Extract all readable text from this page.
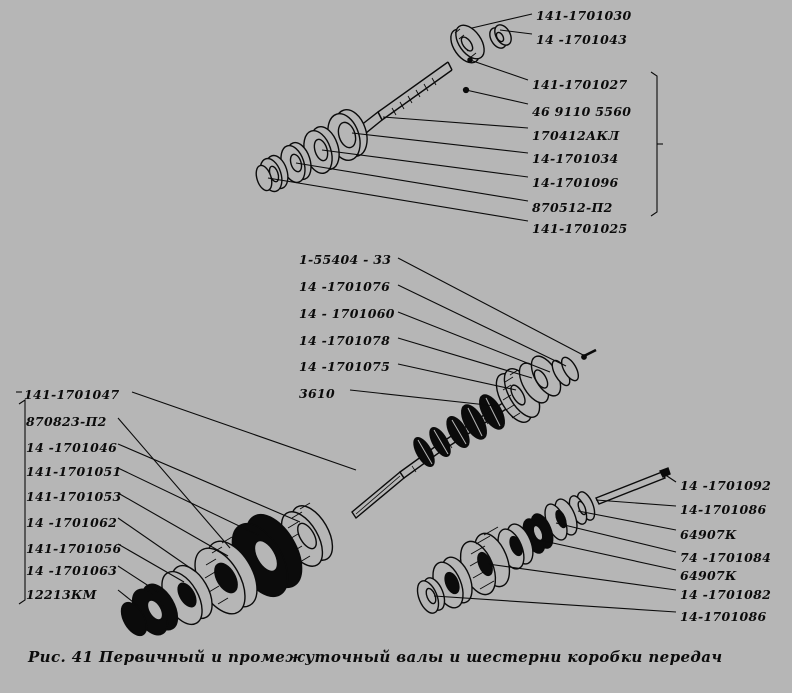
141-1701030
14 -1701043
141-1701027
46 9110 5560
170412АКЛ
14-1701034
14-1701096
870512-П2
141-1701025
1-55404 - 33
14 -1701076
14 - 1701060
14 -1701078
14 -1701075
3610
141-1701047
870823-П2
14 -1701046
141-1701051
141-1701053
14 -1701062
141-1701056
14 -1701063
12213КМ
14 -1701092
14-1701086
64907К
74 -1701084
64907К
14 -1701082
14-1701086
Рис. 41 Первичный и промежуточный валы и шестерни коробки передач
